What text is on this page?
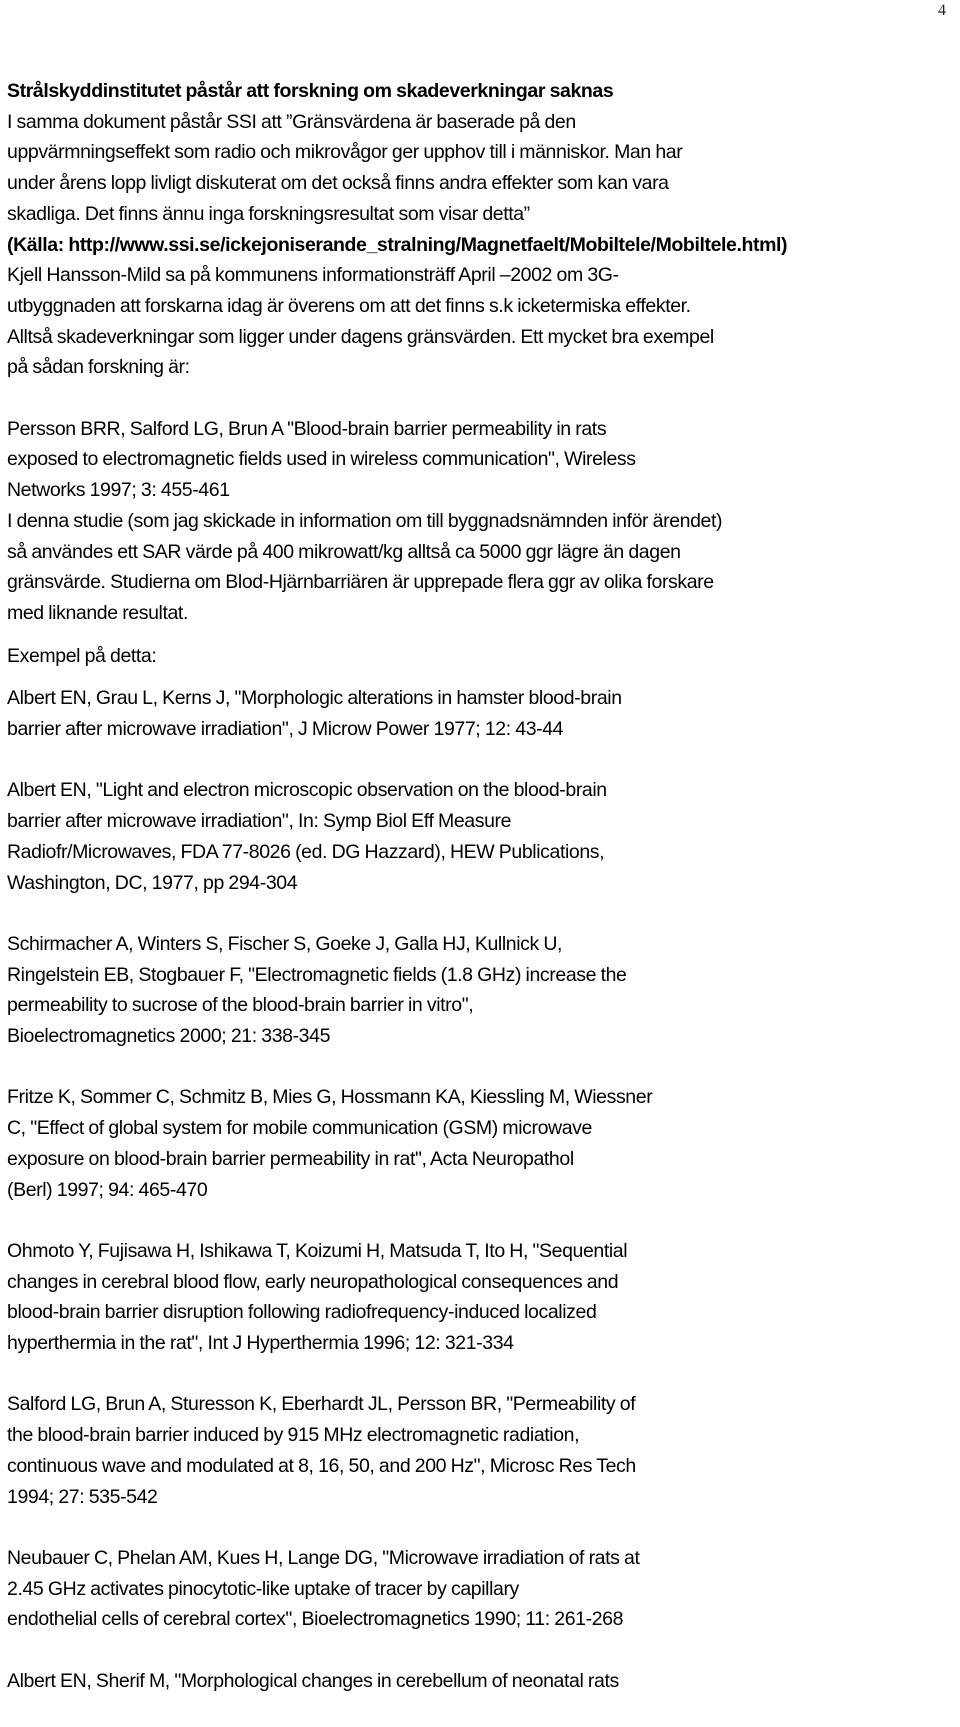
4
Strålskyddinstitutet påstår att forskning om skadeverkningar saknas
I samma dokument påstår SSI att ”Gränsvärdena är baserade på den
uppvärmningseffekt som radio och mikrovågor ger upphov till i människor. Man har
under årens lopp livligt diskuterat om det också finns andra effekter som kan vara
skadliga. Det finns ännu inga forskningsresultat som visar detta”
(Källa: http://www.ssi.se/ickejoniserande_stralning/Magnetfaelt/Mobiltele/Mobiltele.html)
Kjell Hansson-Mild sa på kommunens informationsträff April –2002 om 3G-
utbyggnaden att forskarna idag är överens om att det finns s.k icketermiska effekter.
Alltså skadeverkningar som ligger under dagens gränsvärden. Ett mycket bra exempel
på sådan forskning är:
Persson BRR, Salford LG, Brun A "Blood-brain barrier permeability in rats
exposed to electromagnetic fields used in wireless communication", Wireless
Networks 1997; 3: 455-461
I denna studie (som jag skickade in information om till byggnadsnämnden inför ärendet)
så användes ett SAR värde på 400 mikrowatt/kg alltså ca 5000 ggr lägre än dagen
gränsvärde. Studierna om Blod-Hjärnbarriären är upprepade flera ggr av olika forskare
med liknande resultat.
Exempel på detta:
Albert EN, Grau L, Kerns J, "Morphologic alterations in hamster blood-brain
barrier after microwave irradiation", J Microw Power 1977; 12: 43-44
Albert EN, "Light and electron microscopic observation on the blood-brain
barrier after microwave irradiation", In: Symp Biol Eff Measure
Radiofr/Microwaves, FDA 77-8026 (ed. DG Hazzard), HEW Publications,
Washington, DC, 1977, pp 294-304
Schirmacher A, Winters S, Fischer S, Goeke J, Galla HJ, Kullnick U,
Ringelstein EB, Stogbauer F, "Electromagnetic fields (1.8 GHz) increase the
permeability to sucrose of the blood-brain barrier in vitro",
Bioelectromagnetics 2000; 21: 338-345
Fritze K, Sommer C, Schmitz B, Mies G, Hossmann KA, Kiessling M, Wiessner
C, "Effect of global system for mobile communication (GSM) microwave
exposure on blood-brain barrier permeability in rat", Acta Neuropathol
(Berl) 1997; 94: 465-470
Ohmoto Y, Fujisawa H, Ishikawa T, Koizumi H, Matsuda T, Ito H, "Sequential
changes in cerebral blood flow, early neuropathological consequences and
blood-brain barrier disruption following radiofrequency-induced localized
hyperthermia in the rat", Int J Hyperthermia 1996; 12: 321-334
Salford LG, Brun A, Sturesson K, Eberhardt JL, Persson BR, "Permeability of
the blood-brain barrier induced by 915 MHz electromagnetic radiation,
continuous wave and modulated at 8, 16, 50, and 200 Hz", Microsc Res Tech
1994; 27: 535-542
Neubauer C, Phelan AM, Kues H, Lange DG, "Microwave irradiation of rats at
2.45 GHz activates pinocytotic-like uptake of tracer by capillary
endothelial cells of cerebral cortex", Bioelectromagnetics 1990; 11: 261-268
Albert EN, Sherif M, "Morphological changes in cerebellum of neonatal rats
